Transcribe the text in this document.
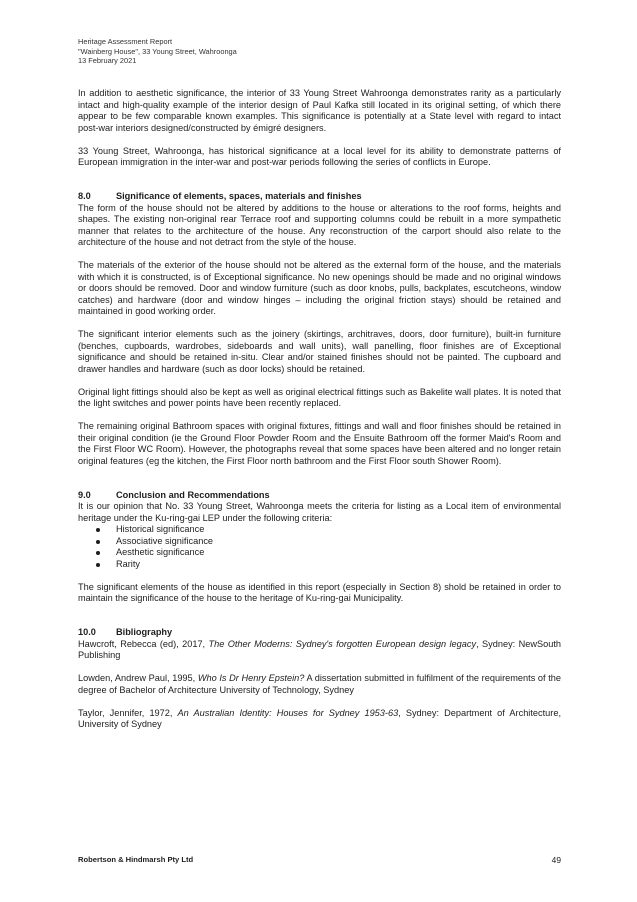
Heritage Assessment Report
"Wainberg House", 33 Young Street, Wahroonga
13 February 2021

In addition to aesthetic significance, the interior of 33 Young Street Wahroonga demonstrates rarity as a particularly intact and high-quality example of the interior design of Paul Kafka still located in its original setting, of which there appear to be few comparable known examples. This significance is potentially at a State level with regard to intact post-war interiors designed/constructed by émigré designers.

33 Young Street, Wahroonga, has historical significance at a local level for its ability to demonstrate patterns of European immigration in the inter-war and post-war periods following the series of conflicts in Europe.

8.0	Significance of elements, spaces, materials and finishes

The form of the house should not be altered by additions to the house or alterations to the roof forms, heights and shapes. The existing non-original rear Terrace roof and supporting columns could be rebuilt in a more sympathetic manner that relates to the architecture of the house. Any reconstruction of the carport should also relate to the architecture of the house and not detract from the style of the house.

The materials of the exterior of the house should not be altered as the external form of the house, and the materials with which it is constructed, is of Exceptional significance. No new openings should be made and no original windows or doors should be removed. Door and window furniture (such as door knobs, pulls, backplates, escutcheons, window catches) and hardware (door and window hinges – including the original friction stays) should be retained and maintained in good working order.

The significant interior elements such as the joinery (skirtings, architraves, doors, door furniture), built-in furniture (benches, cupboards, wardrobes, sideboards and wall units), wall panelling, floor finishes are of Exceptional significance and should be retained in-situ. Clear and/or stained finishes should not be painted. The cupboard and drawer handles and hardware (such as door locks) should be retained.

Original light fittings should also be kept as well as original electrical fittings such as Bakelite wall plates. It is noted that the light switches and power points have been recently replaced.

The remaining original Bathroom spaces with original fixtures, fittings and wall and floor finishes should be retained in their original condition (ie the Ground Floor Powder Room and the Ensuite Bathroom off the former Maid's Room and the First Floor WC Room). However, the photographs reveal that some spaces have been altered and no longer retain original features (eg the kitchen, the First Floor north bathroom and the First Floor south Shower Room).

9.0	Conclusion and Recommendations

It is our opinion that No. 33 Young Street, Wahroonga meets the criteria for listing as a Local item of environmental heritage under the Ku-ring-gai LEP under the following criteria:

Historical significance
Associative significance
Aesthetic significance
Rarity

The significant elements of the house as identified in this report (especially in Section 8) shold be retained in order to maintain the significance of the house to the heritage of Ku-ring-gai Municipality.

10.0	Bibliography

Hawcroft, Rebecca (ed), 2017, The Other Moderns: Sydney's forgotten European design legacy, Sydney: NewSouth Publishing

Lowden, Andrew Paul, 1995, Who Is Dr Henry Epstein? A dissertation submitted in fulfilment of the requirements of the degree of Bachelor of Architecture University of Technology, Sydney

Taylor, Jennifer, 1972, An Australian Identity: Houses for Sydney 1953-63, Sydney: Department of Architecture, University of Sydney

Robertson & Hindmarsh Pty Ltd	49
